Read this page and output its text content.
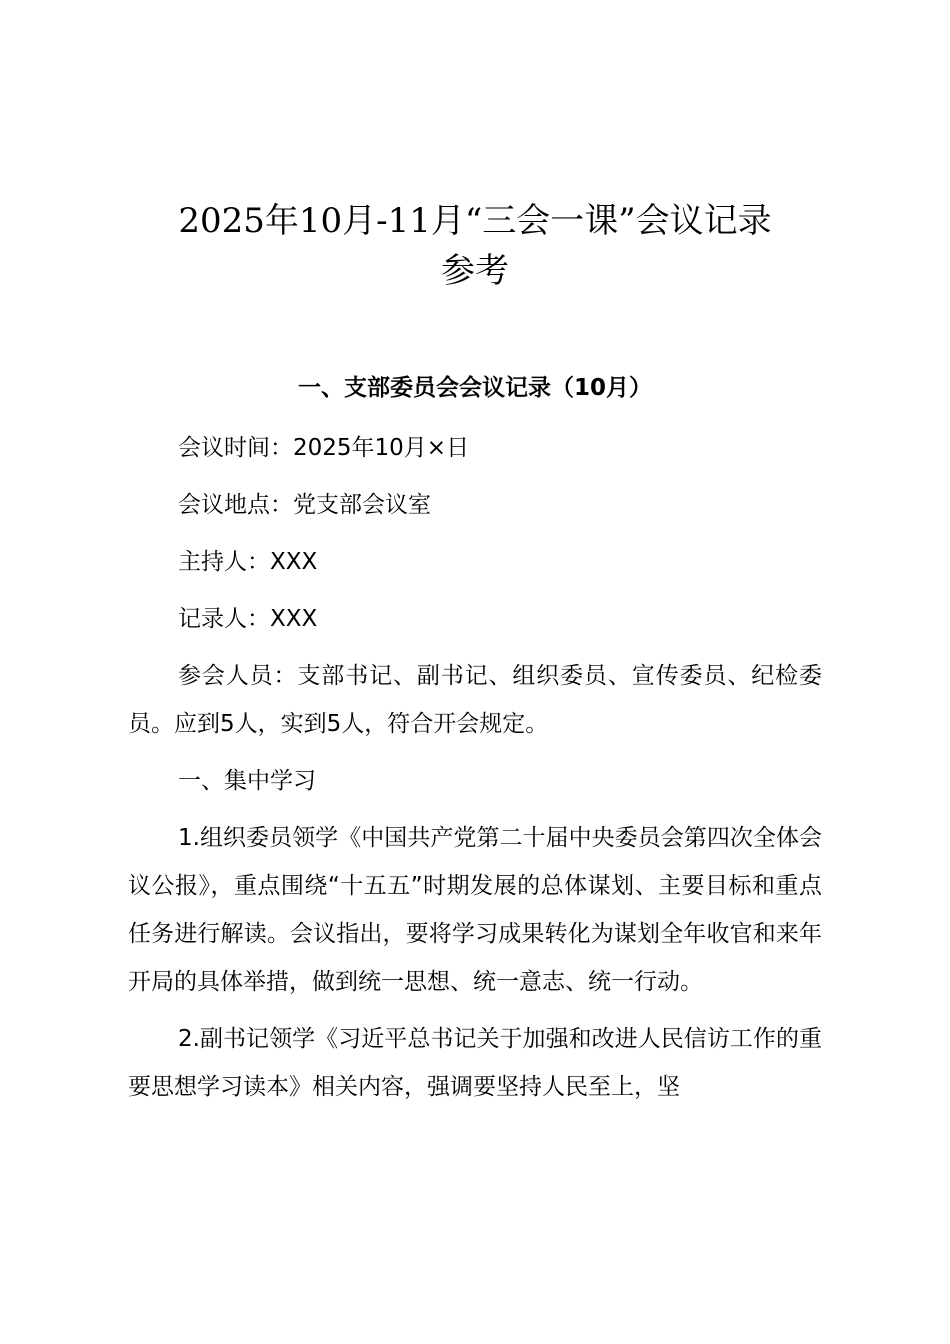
2025年10月-11月“三会一课”会议记录
参考
一、支部委员会会议记录（10月）

会议时间：2025年10月×日

会议地点：党支部会议室

主持人：XXX

记录人：XXX

参会人员：支部书记、副书记、组织委员、宣传委员、纪检委员。应到5人，实到5人，符合开会规定。

一、集中学习

1.组织委员领学《中国共产党第二十届中央委员会第四次全体会议公报》，重点围绕“十五五”时期发展的总体谋划、主要目标和重点任务进行解读。会议指出，要将学习成果转化为谋划全年收官和来年开局的具体举措，做到统一思想、统一意志、统一行动。

2.副书记领学《习近平总书记关于加强和改进人民信访工作的重要思想学习读本》相关内容，强调要坚持人民至上，坚
